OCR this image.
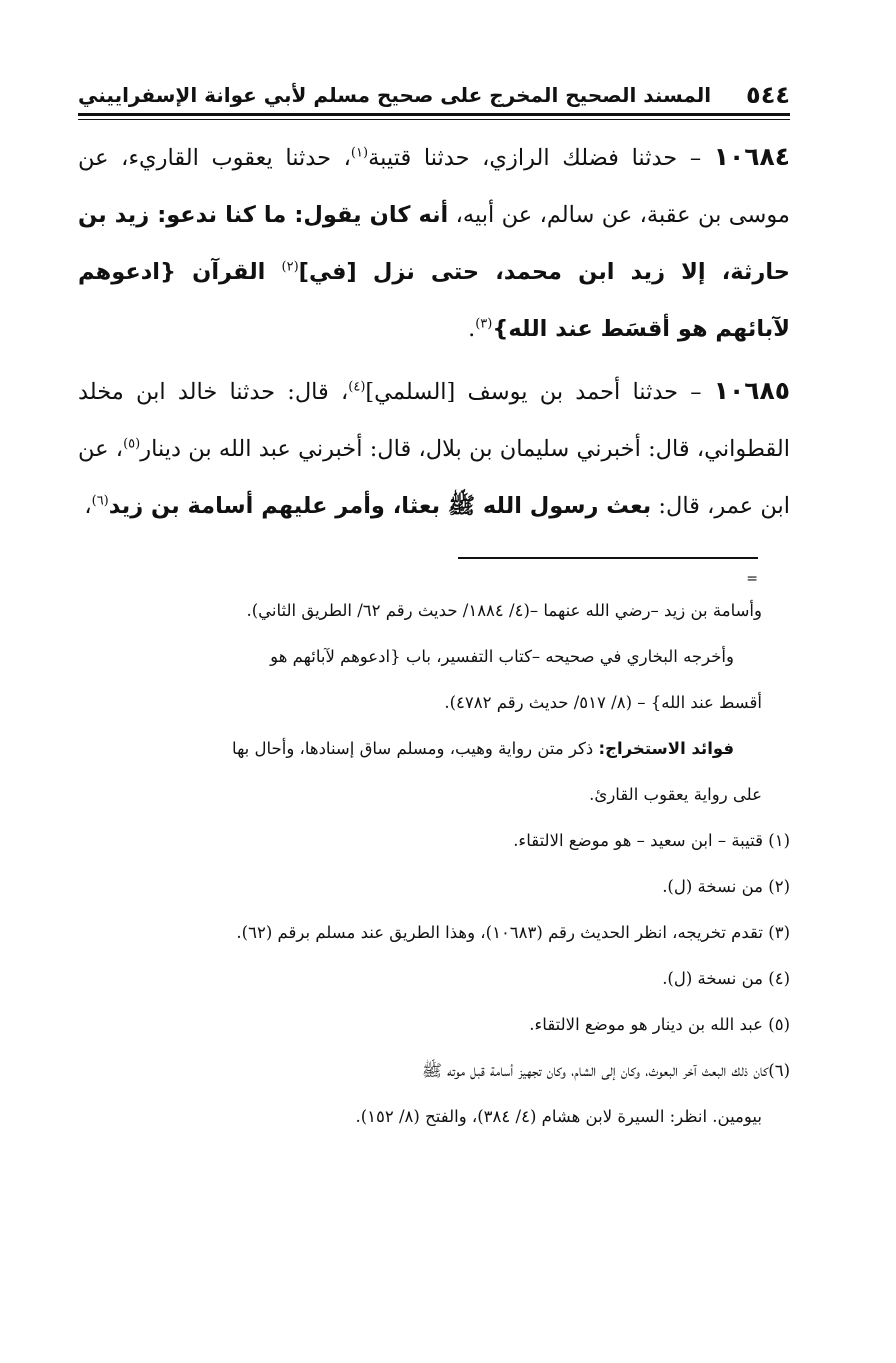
٥٤٤
المسند الصحيح المخرج على صحيح مسلم لأبي عوانة الإسفراييني

١٠٦٨٤ – حدثنا فضلك الرازي، حدثنا قتيبة$^{(١)}$، حدثنا يعقوب القاريء، عن موسى بن عقبة، عن سالم، عن أبيه، أنه كان يقول: ما كنا ندعو: زيد بن حارثة، إلا زيد ابن محمد، حتى نزل [في]$^{(٢)}$ القرآن {ادعوهم لآبائهم هو أقسَط عند الله}$^{(٣)}$.

١٠٦٨٥ – حدثنا أحمد بن يوسف [السلمي]$^{(٤)}$، قال: حدثنا خالد ابن مخلد القطواني، قال: أخبرني سليمان بن بلال، قال: أخبرني عبد الله بن دينار$^{(٥)}$، عن ابن عمر، قال: بعث رسول الله ﷺ بعثا، وأمر عليهم أسامة بن زيد$^{(٦)}$،

=

وأسامة بن زيد –رضي الله عنهما –(٤/ ١٨٨٤/ حديث رقم ٦٢/ الطريق الثاني).

وأخرجه البخاري في صحيحه –كتاب التفسير، باب {ادعوهم لآبائهم هو

أقسط عند الله} – (٨/ ٥١٧/ حديث رقم ٤٧٨٢).

فوائد الاستخراج: ذكر متن رواية وهيب، ومسلم ساق إسنادها، وأحال بها

على رواية يعقوب القارئ.

(١) قتيبة – ابن سعيد – هو موضع الالتقاء.

(٢) من نسخة (ل).

(٣) تقدم تخريجه، انظر الحديث رقم (١٠٦٨٣)، وهذا الطريق عند مسلم برقم (٦٢).

(٤) من نسخة (ل).

(٥) عبد الله بن دينار هو موضع الالتقاء.

(٦)كان ذلك البعث آخر البعوث، وكان إلى الشام، وكان تجهيز أسامة قبل موته ﷺ

بيومين. انظر: السيرة لابن هشام (٤/ ٣٨٤)، والفتح (٨/ ١٥٢).
